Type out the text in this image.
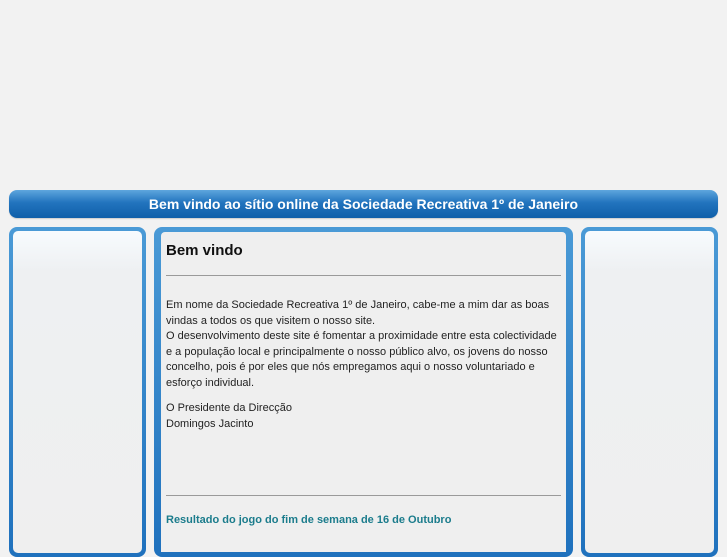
Bem vindo ao sítio online da Sociedade Recreativa 1º de Janeiro
Bem vindo

Em nome da Sociedade Recreativa 1º de Janeiro, cabe-me a mim dar as boas vindas a todos os que visitem o nosso site.

O desenvolvimento deste site é fomentar a proximidade entre esta colectividade e a população local e principalmente o nosso público alvo, os jovens do nosso concelho, pois é por eles que nós empregamos aqui o nosso voluntariado e esforço individual.

O Presidente da Direcção
Domingos Jacinto
Resultado do jogo do fim de semana de 16 de Outubro
